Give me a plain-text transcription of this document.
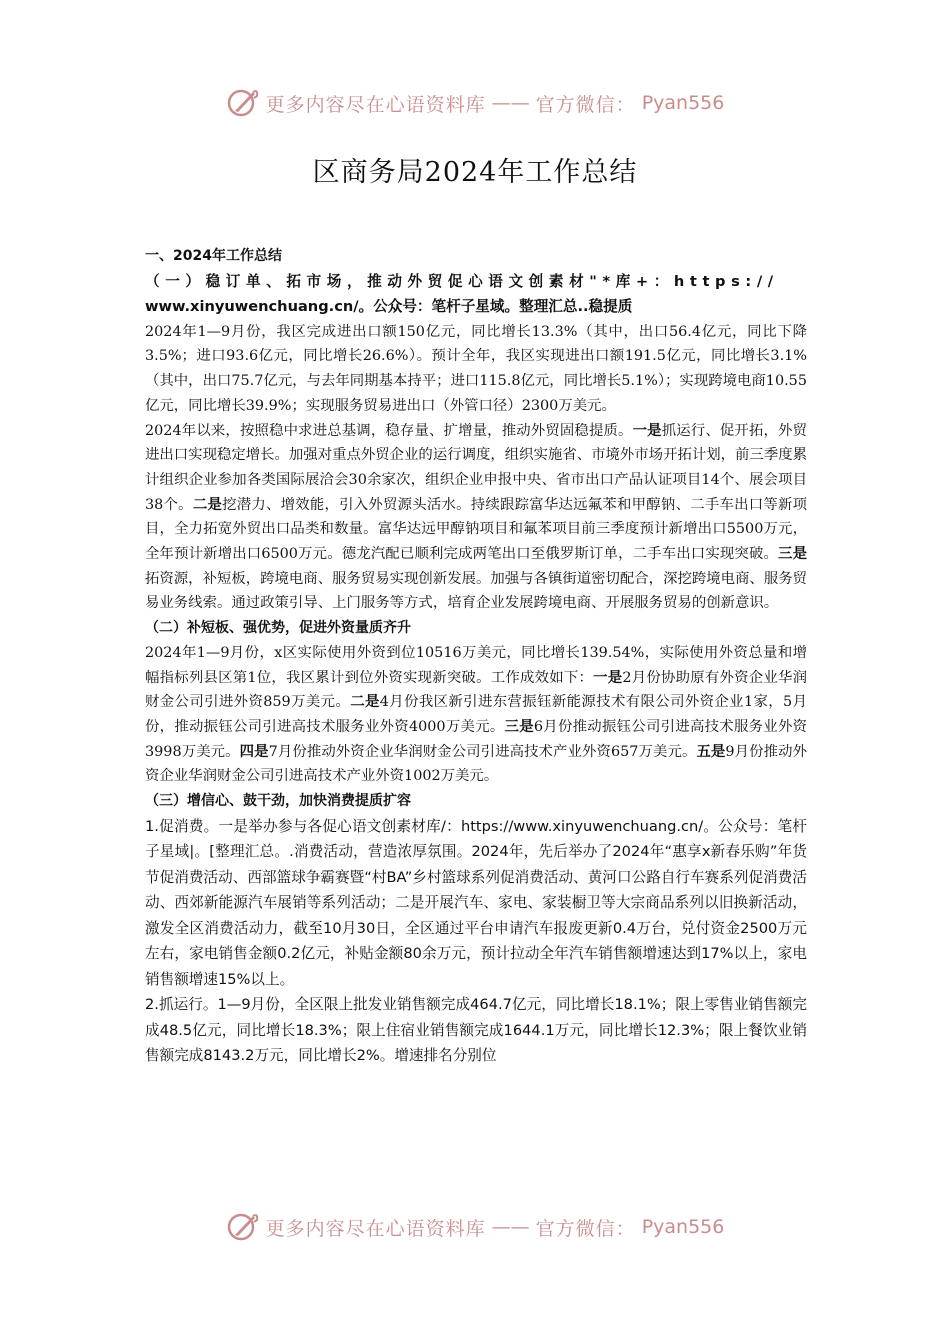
更多内容尽在心语资料库 —— 官方微信： Pyan556
区商务局2024年工作总结

一、2024年工作总结

（一）稳订单、拓市场，推动外贸促心语文创素材"*库+：https://

www.xinyuwenchuang.cn/。公众号：笔杆子星域。整理汇总..稳提质

2024年1—9月份，我区完成进出口额150亿元，同比增长13.3%（其中，出口56.4亿元，同比下降3.5%；进口93.6亿元，同比增长26.6%）。预计全年，我区实现进出口额191.5亿元，同比增长3.1%（其中，出口75.7亿元，与去年同期基本持平；进口115.8亿元，同比增长5.1%）；实现跨境电商10.55亿元，同比增长39.9%；实现服务贸易进出口（外管口径）2300万美元。

2024年以来，按照稳中求进总基调，稳存量、扩增量，推动外贸固稳提质。一是抓运行、促开拓，外贸进出口实现稳定增长。加强对重点外贸企业的运行调度，组织实施省、市境外市场开拓计划，前三季度累计组织企业参加各类国际展洽会30余家次，组织企业申报中央、省市出口产品认证项目14个、展会项目38个。二是挖潜力、增效能，引入外贸源头活水。持续跟踪富华达远氟苯和甲醇钠、二手车出口等新项目，全力拓宽外贸出口品类和数量。富华达远甲醇钠项目和氟苯项目前三季度预计新增出口5500万元，全年预计新增出口6500万元。德龙汽配已顺利完成两笔出口至俄罗斯订单，二手车出口实现突破。三是拓资源，补短板，跨境电商、服务贸易实现创新发展。加强与各镇街道密切配合，深挖跨境电商、服务贸易业务线索。通过政策引导、上门服务等方式，培育企业发展跨境电商、开展服务贸易的创新意识。

（二）补短板、强优势，促进外资量质齐升

2024年1—9月份，x区实际使用外资到位10516万美元，同比增长139.54%，实际使用外资总量和增幅指标列县区第1位，我区累计到位外资实现新突破。工作成效如下：一是2月份协助原有外资企业华润财金公司引进外资859万美元。二是4月份我区新引进东营振钰新能源技术有限公司外资企业1家，5月份，推动振钰公司引进高技术服务业外资4000万美元。三是6月份推动振钰公司引进高技术服务业外资3998万美元。四是7月份推动外资企业华润财金公司引进高技术产业外资657万美元。五是9月份推动外资企业华润财金公司引进高技术产业外资1002万美元。

（三）增信心、鼓干劲，加快消费提质扩容

1.促消费。一是举办参与各促心语文创素材库/：https://www.xinyuwenchuang.cn/。公众号：笔杆子星域|。[整理汇总。.消费活动，营造浓厚氛围。2024年，先后举办了2024年“惠享x新春乐购”年货节促消费活动、西部篮球争霸赛暨“村BA”乡村篮球系列促消费活动、黄河口公路自行车赛系列促消费活动、西郊新能源汽车展销等系列活动；二是开展汽车、家电、家装橱卫等大宗商品系列以旧换新活动，激发全区消费活动力，截至10月30日，全区通过平台申请汽车报废更新0.4万台，兑付资金2500万元左右，家电销售金额0.2亿元，补贴金额80余万元，预计拉动全年汽车销售额增速达到17%以上，家电销售额增速15%以上。

2.抓运行。1—9月份，全区限上批发业销售额完成464.7亿元，同比增长18.1%；限上零售业销售额完成48.5亿元，同比增长18.3%；限上住宿业销售额完成1644.1万元，同比增长12.3%；限上餐饮业销售额完成8143.2万元，同比增长2%。增速排名分别位

更多内容尽在心语资料库 —— 官方微信： Pyan556
